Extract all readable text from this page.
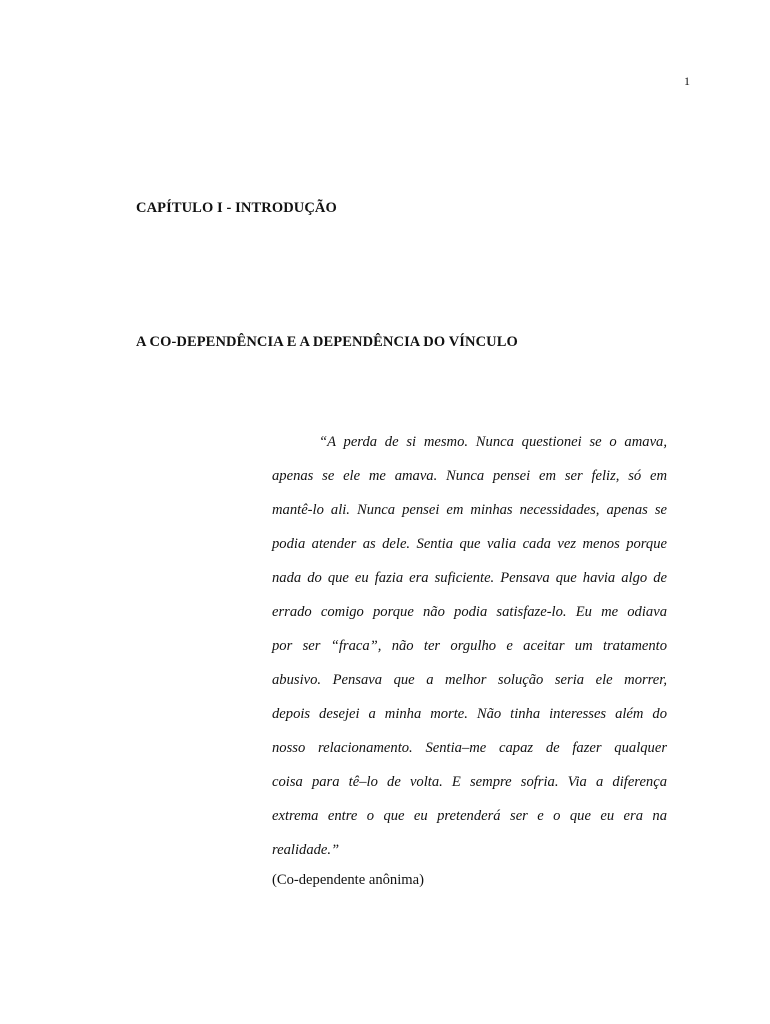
1
CAPÍTULO I - INTRODUÇÃO
A CO-DEPENDÊNCIA E A DEPENDÊNCIA DO VÍNCULO
“A perda de si mesmo. Nunca questionei se o amava,
apenas se ele me amava. Nunca pensei em ser feliz, só em
mantê-lo ali. Nunca pensei em minhas necessidades, apenas se
podia atender as dele. Sentia que valia cada vez menos porque
nada do que eu fazia era suficiente. Pensava que havia algo de
errado comigo porque não podia satisfaze-lo. Eu me odiava
por ser “fraca”, não ter orgulho e aceitar um tratamento
abusivo. Pensava que a melhor solução seria ele morrer,
depois desejei a minha morte. Não tinha interesses além do
nosso relacionamento. Sentia–me capaz de fazer qualquer
coisa para tê–lo de volta. E sempre sofria. Via a diferença
extrema entre o que eu pretenderá ser e o que eu era na
realidade.”
(Co-dependente anônima)
